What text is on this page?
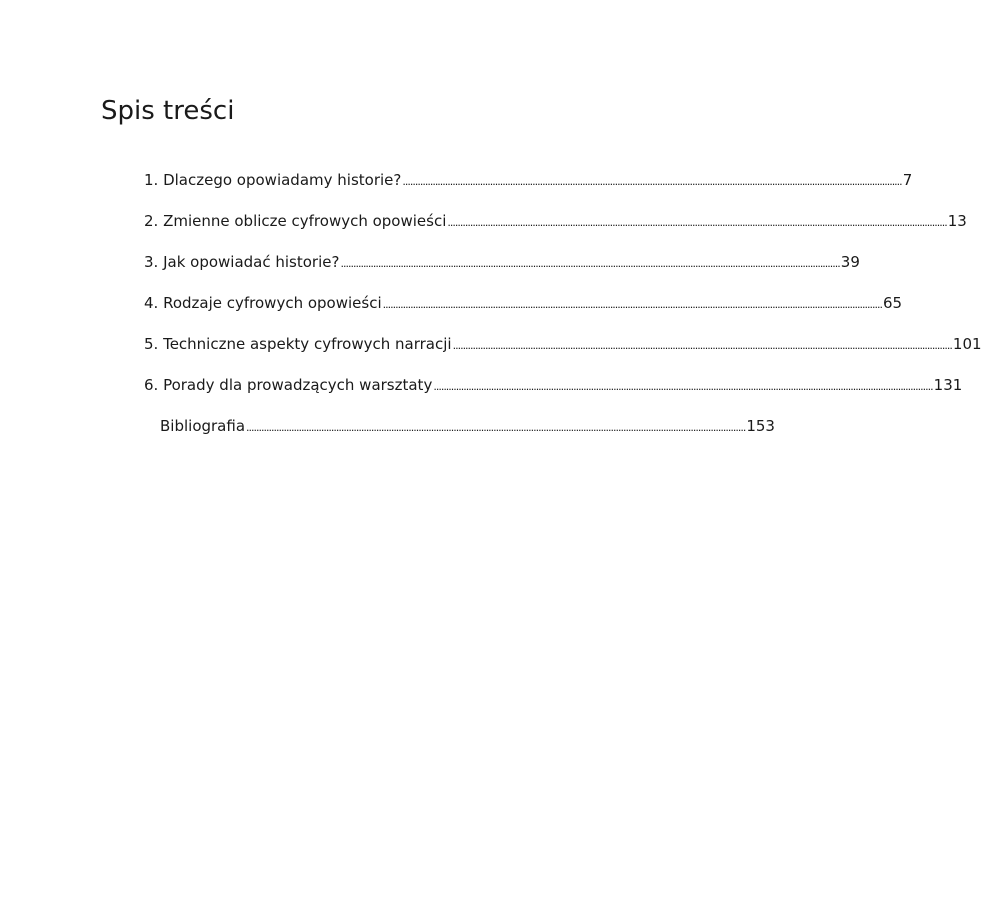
Spis treści
1. Dlaczego opowiadamy historie? ........................................................................................................................................................................................................ 7
2. Zmienne oblicze cyfrowych opowieści ........................................................................................................................................................................................................ 13
3. Jak opowiadać historie? ........................................................................................................................................................................................................ 39
4. Rodzaje cyfrowych opowieści ........................................................................................................................................................................................................ 65
5. Techniczne aspekty cyfrowych narracji ........................................................................................................................................................................................................ 101
6. Porady dla prowadzących warsztaty ........................................................................................................................................................................................................ 131
Bibliografia ........................................................................................................................................................................................................ 153
